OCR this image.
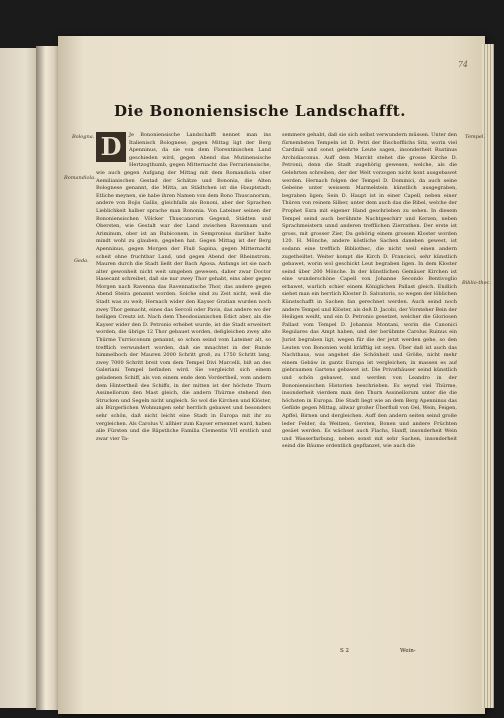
74
Die Bononiensische Landschafft.
Bologna.
Romandiola.
Geda.
Tempel.
Biblio-thec.
D	Je Bononiensische Landschafft nennet man ins Italienisch Bolognese, gegen Mittag ligt der Berg Apenninus, da sie von dem Florentinischen Land geschieden wird, gegen Abend das Mutinensische Hertzogthumb, gegen Mitternacht das Ferrariensische, wie auch gegen Aufgang der Mittag mit dem Romandiola ober Aemilianischen Gestad der Schätze und Bononia, die Alten Bolognese genannt, die Mitta, an Städtchen ist die Hauptstadt; Etliche meynen, sie habe ihren Namen von dem Bono Thuscanorum, andere von Bojis Gallis, gleichfalls als Bononi, aber der Sprachen Lieblichkeit halber sprache man Bononia. Von Lateiner seinen der Bononiensischen Völcker Thuscanorum Gegend, Städten und Obersten, wie Gestalt war der Land zwischen Ravennam und Ariminum, ober ist an Rubiconem, in Sempronius darüber halte mindt wohl zu glauben, gegeben hat. Gegen Mittag ist der Berg Apenninus, gegen Morgen der Fluß Sapina, gegen Mitternacht scheit ohne fruchtbar Land, und gegen Abend der Rheinstrom, Mauren durch die Stadt ließt der Bach Aposa. Anfangs ist sie nach alter gewonheit nicht weit umgeben gewesen, daher zwar Doctor Hasecant schreibet, daß sie nur zwey Thor gehabt, eins aber gegen Morgen nach Ravenna das Ravennatische Thor, das andere gegen Abend Steira genannt worden. Solche sind zu Zeit nicht, weil die Stadt was zu weit; Hernach wider den Kayser Gratian wurden noch zwey Thor gemacht, eines das Sercoli oder Pavis, das andere wo der heiligen Creutz ist. Nach dem Theodosianischen Edict aber, als die Kayser wider den D. Petronio erhebet wurde, ist die Stadt erweitert worden, die übrige 12 Thor gebauet worden, deßgleichen zwey alte Thürme Turrisconum genannt, so schon seind vom Lateiner alt, so trefflich verwundert worden, daß sie mnachtet in der Runde himmelhoch der Mauren 2000 Schritt groß, zu 1750 Schritt lang, zwey 7000 Schritt breit vom dem Tempel Divi Marcelli, biß an des Galeriani Tempel befinden wird. Sie vergleicht sich einem geladenen Schiff, als von einem ende dem Vordertheil, vom andern dem Hintertheil des Schiffs, in der mitten ist der höchste Thurn Assinellorum den Mast gleich, die andern Thürme stehend den Strucken und Segeln nicht ungleich. So wol die Kirchen und Klöster, als Bürgerlichen Wohnungen sehr herrlich gebawet und besonders sehr schön, daß nicht leicht eine Stadt in Europa mit ihr zu vergleichen. Als Carolus V. allhier zum Kayser ernennet ward, haben alle Fürsten und die Bäpstliche Familia Clementis VII erstlich und zwar vier Ta-

semmere gehabt, daß sie sich selbst verwundern müssen. Unter den fürnembsten Tempeln ist D. Petri der Bischofflichs Sitz, worin viel Cardinäl und sonst gelehrte Leute sagen, insonderheit Rustinus Archidiaconus. Auff dem Marckt stehet die grosse Kirche D. Petronii, denn die Stadt zugehörig gewesen, welche, als die Gelehrten schreiben, der der Welt vorzogen nicht kont ausgebawet werden. Hernach folgen der Tempel D. Dominici, da auch seine Gebeine unter weissem Marmelstein künstlich ausgegraben, begraben ligen; Sein D. Haupt ist in einer Capell, neben einer Thüren von reinem Silber, unter dem auch das die Bibel, welche der Prophet Esra mit eigener Hand geschrieben zu sehen. In diesem Tempel seind auch berühmte Nachtgeschirr und Kerzen, neben Sprachmeistern unnd anderen trefflichen Zierrathen. Der erste ist gross, mit grosser Zier, Da gehörig einem grossen Kloster worden 120. H. Mönche, andere köstliche Sachen daneben gewest, ist sodann eine trefflich Bibliothec, die nicht weil einen andern zugetheiltet. Weiter kompt die Kirch D. Francisci, sehr künstlich gebawet, worin wol geschickt Leut begraben ligen. In dem Kloster seind über 200 Mönche. In der künstlichen Gemäuer Kirchen ist eine wunderschöne Capell von Johanne Secondo Bentivoglio erbawet, warlich schier einem Königlichen Pallast gleich. Endlich siehet man ein herrlich Kloster D. Salvatoris, so wegen der löblichen Künstschafft in Sachen fan gerechnet werden. Auch seind noch andere Tempel und Klöster, als deß D. Jacobi, der Vorsteher Bein der Heiligen weißt, und ein D. Petronio gesetzet, welcher die Gloriosen Pallast vom Tempel D. Johannis Montani, worin die Canonici Regulares das Ampt haben, und der berühmte Carolus Ruinus ein Jurist begraben ligt, wegen für die der jetzt werden gehe, so den Leuten von Bononien wohl kräfftig ist seyn. Über daß ist auch das Nachthaus, was angehet die Schönheit und Größe, nicht mehr einem Gebäw in gantz Europa ist vergleichen, in massen es auf giebraumen Gartens gebawet ist. Die Privathäuser seind künstlich und schön gebawet, und werden von Leandro in der Bononiensischen Historien beschrieben. Es seynd viel Thürme, insonderheit vierdem man den Thurn Assinellorum unter die die höchsten in Europa. Die Stadt liegt wie an dem Berg Apenninus das Gefilde gegen Mittag, allwar großer Überfluß von Oel, Wein, Feigen, Apffel, Birnen und dergleichen. Auff den andern seiten seind große leder Felder, da Weitzen, Gersten, Bonen und andere Früchten gesäet werden. Es wächset auch Flachs, Hanff, insonderheit Wein und Wasserfarbung, neben sonst mit sehr Sachen, insonderheit seind die Bäume ordentlich gepflanzet, wie auch die

S 2	Wein-
